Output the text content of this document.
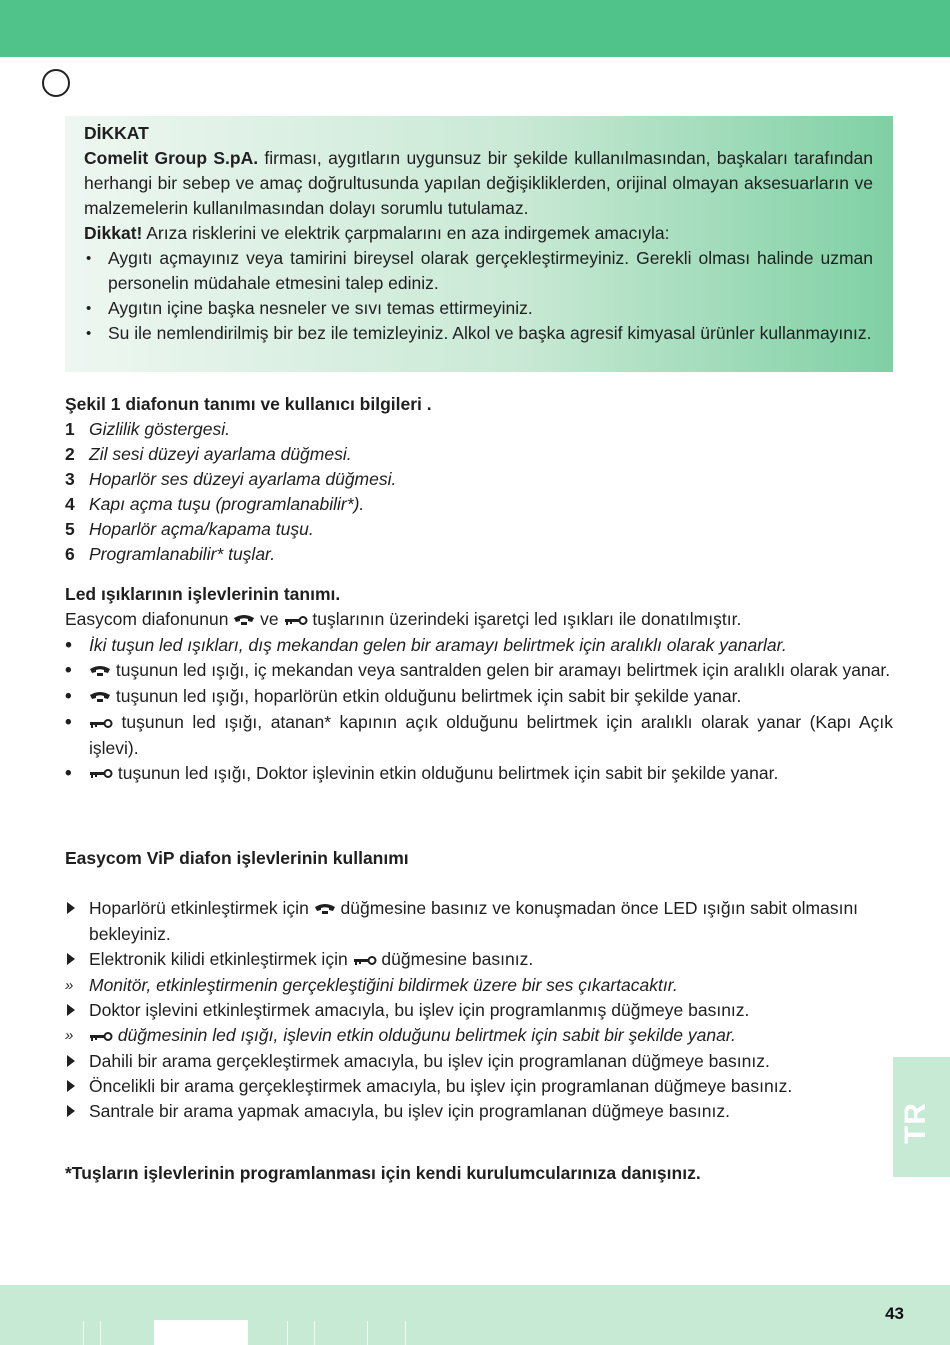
DİKKAT
Comelit Group S.pA. firması, aygıtların uygunsuz bir şekilde kullanılmasından, başkaları tarafından herhangi bir sebep ve amaç doğrultusunda yapılan değişikliklerden, orijinal olmayan aksesuarların ve malzemelerin kullanılmasından dolayı sorumlu tutulamaz.
Dikkat! Arıza risklerini ve elektrik çarpmalarını en aza indirgemek amacıyla:
• Aygıtı açmayınız veya tamirini bireysel olarak gerçekleştirmeyiniz. Gerekli olması halinde uzman personelin müdahale etmesini talep ediniz.
• Aygıtın içine başka nesneler ve sıvı temas ettirmeyiniz.
• Su ile nemlendirilmiş bir bez ile temizleyiniz. Alkol ve başka agresif kimyasal ürünler kullanmayınız.
Şekil 1 diafonun tanımı ve kullanıcı bilgileri .
1 Gizlilik göstergesi.
2 Zil sesi düzeyi ayarlama düğmesi.
3 Hoparlör ses düzeyi ayarlama düğmesi.
4 Kapı açma tuşu (programlanabilir*).
5 Hoparlör açma/kapama tuşu.
6 Programlanabilir* tuşlar.
Led ışıklarının işlevlerinin tanımı.
Easycom diafonunun  ve  tuşlarının üzerindeki işaretçi led ışıkları ile donatılmıştır.
• İki tuşun led ışıkları, dış mekandan gelen bir aramayı belirtmek için aralıklı olarak yanarlar.
• tuşunun led ışığı, iç mekandan veya santralden gelen bir aramayı belirtmek için aralıklı olarak yanar.
• tuşunun led ışığı, hoparlörün etkin olduğunu belirtmek için sabit bir şekilde yanar.
• tuşunun led ışığı, atanan* kapının açık olduğunu belirtmek için aralıklı olarak yanar (Kapı Açık işlevi).
• tuşunun led ışığı, Doktor işlevinin etkin olduğunu belirtmek için sabit bir şekilde yanar.
Easycom ViP diafon işlevlerinin kullanımı
Hoparlörü etkinleştirmek için  düğmesine basınız ve konuşmadan önce LED ışığın sabit olmasını bekleyiniz.
Elektronik kilidi etkinleştirmek için  düğmesine basınız.
» Monitör, etkinleştirmenin gerçekleştiğini bildirmek üzere bir ses çıkartacaktır.
Doktor işlevini etkinleştirmek amacıyla, bu işlev için programlanmış düğmeye basınız.
»	düğmesinin led ışığı, işlevin etkin olduğunu belirtmek için sabit bir şekilde yanar.
Dahili bir arama gerçekleştirmek amacıyla, bu işlev için programlanan düğmeye basınız.
Öncelikli bir arama gerçekleştirmek amacıyla, bu işlev için programlanan düğmeye basınız.
Santrale bir arama yapmak amacıyla, bu işlev için programlanan düğmeye basınız.	TR
*Tuşların işlevlerinin programlanması için kendi kurulumcularınıza danışınız.
43
